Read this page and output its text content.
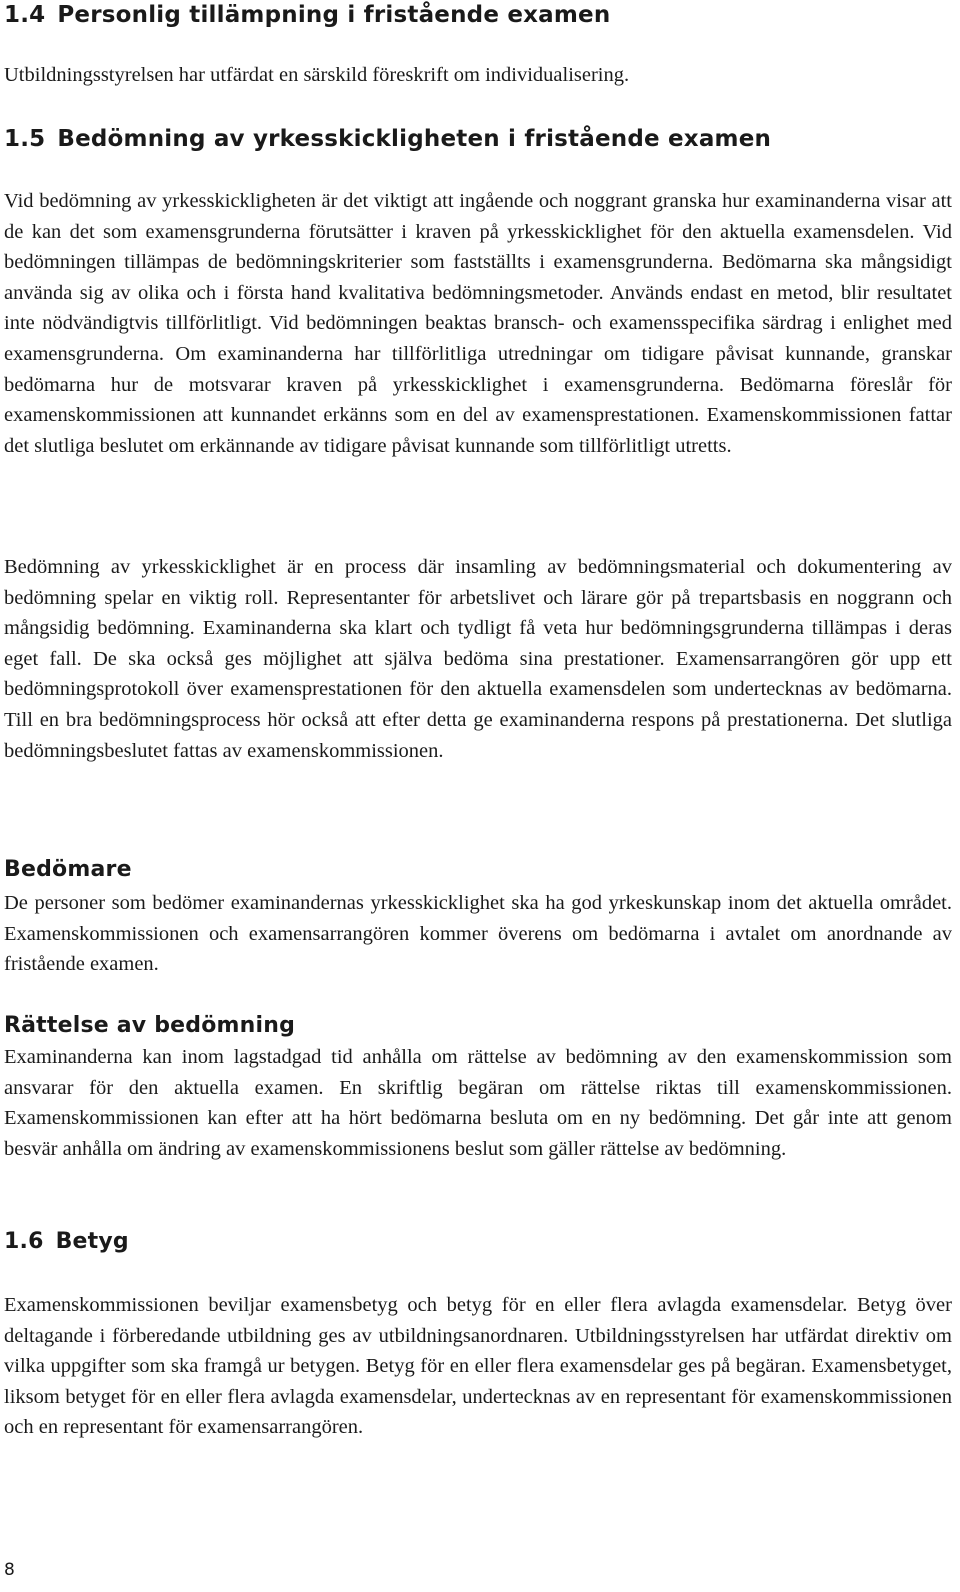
1.4 Personlig tillämpning i fristående examen

Utbildningsstyrelsen har utfärdat en särskild föreskrift om individualisering.

1.5 Bedömning av yrkesskickligheten i fristående examen

Vid bedömning av yrkesskickligheten är det viktigt att ingående och noggrant granska hur examinanderna visar att de kan det som examensgrunderna förutsätter i kraven på yrkesskicklighet för den aktuella examensdelen. Vid bedömningen tillämpas de bedömningskriterier som fastställts i examensgrunderna. Bedömarna ska mångsidigt använda sig av olika och i första hand kvalitativa bedömningsmetoder. Används endast en metod, blir resultatet inte nödvändigtvis tillförlitligt. Vid bedömningen beaktas bransch- och examensspecifika särdrag i enlighet med examensgrunderna. Om examinanderna har tillförlitliga utredningar om tidigare påvisat kunnande, granskar bedömarna hur de motsvarar kraven på yrkesskicklighet i examensgrunderna. Bedömarna föreslår för examenskommissionen att kunnandet erkänns som en del av examensprestationen. Examenskommissionen fattar det slutliga beslutet om erkännande av tidigare påvisat kunnande som tillförlitligt utretts.

Bedömning av yrkesskicklighet är en process där insamling av bedömningsmaterial och dokumentering av bedömning spelar en viktig roll. Representanter för arbetslivet och lärare gör på trepartsbasis en noggrann och mångsidig bedömning. Examinanderna ska klart och tydligt få veta hur bedömningsgrunderna tillämpas i deras eget fall. De ska också ges möjlighet att själva bedöma sina prestationer. Examensarrangören gör upp ett bedömningsprotokoll över examensprestationen för den aktuella examensdelen som undertecknas av bedömarna. Till en bra bedömningsprocess hör också att efter detta ge examinanderna respons på prestationerna. Det slutliga bedömningsbeslutet fattas av examenskommissionen.

Bedömare

De personer som bedömer examinandernas yrkesskicklighet ska ha god yrkeskunskap inom det aktuella området. Examenskommissionen och examensarrangören kommer överens om bedömarna i avtalet om anordnande av fristående examen.

Rättelse av bedömning

Examinanderna kan inom lagstadgad tid anhålla om rättelse av bedömning av den examenskommission som ansvarar för den aktuella examen. En skriftlig begäran om rättelse riktas till examenskommissionen. Examenskommissionen kan efter att ha hört bedömarna besluta om en ny bedömning. Det går inte att genom besvär anhålla om ändring av examenskommissionens beslut som gäller rättelse av bedömning.

1.6 Betyg

Examenskommissionen beviljar examensbetyg och betyg för en eller flera avlagda examensdelar. Betyg över deltagande i förberedande utbildning ges av utbildningsanordnaren. Utbildningsstyrelsen har utfärdat direktiv om vilka uppgifter som ska framgå ur betygen. Betyg för en eller flera examensdelar ges på begäran. Examensbetyget, liksom betyget för en eller flera avlagda examensdelar, undertecknas av en representant för examenskommissionen och en representant för examensarrangören.

8
